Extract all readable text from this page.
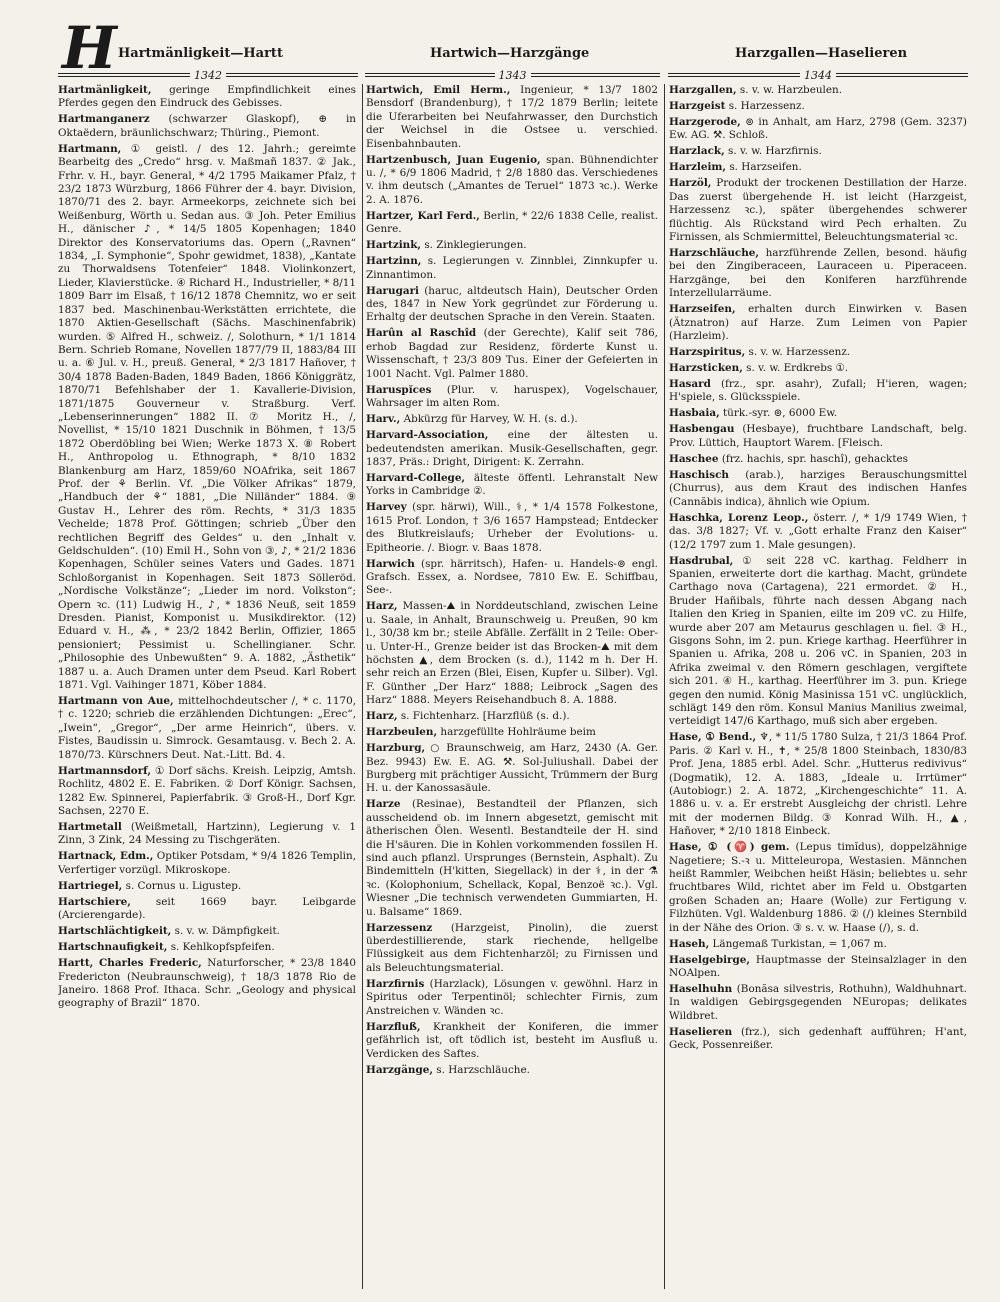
H Hartmänligkeit—Hartt	Hartwich—Harzgänge	Harzgallen—Haselieren
1342	1343	1344

Hartmänligkeit, geringe Empfindlichkeit eines Pferdes gegen den Eindruck des Gebisses.

Hartmanganerz (schwarzer Glaskopf), ⊕ in Oktaëdern, bräunlichschwarz; Thüring., Piemont.

Hartmann, ① geistl. / des 12. Jahrh.; gereimte Bearbeitg des „Credo“ hrsg. v. Maßmañ 1837. ② Jak., Frhr. v. H., bayr. General, * 4/2 1795 Maikamer Pfalz, † 23/2 1873 Würzburg, 1866 Führer der 4. bayr. Division, 1870/71 des 2. bayr. Armeekorps, zeichnete sich bei Weißenburg, Wörth u. Sedan aus. ③ Joh. Peter Emilius H., dänischer ♪, * 14/5 1805 Kopenhagen; 1840 Direktor des Konservatoriums das. Opern („Ravnen“ 1834, „I. Symphonie“, Spohr gewidmet, 1838), „Kantate zu Thorwaldsens Totenfeier“ 1848. Violinkonzert, Lieder, Klavierstücke. ④ Richard H., Industrieller, * 8/11 1809 Barr im Elsaß, † 16/12 1878 Chemnitz, wo er seit 1837 bed. Maschinenbau-Werkstätten errichtete, die 1870 Aktien-Gesellschaft (Sächs. Maschinenfabrik) wurden. ⑤ Alfred H., schweiz. /, Solothurn, * 1/1 1814 Bern. Schrieb Romane, Novellen 1877/79 II, 1883/84 III u. a. ⑥ Jul. v. H., preuß. General, * 2/3 1817 Hañover, † 30/4 1878 Baden-Baden, 1849 Baden, 1866 Königgrätz, 1870/71 Befehlshaber der 1. Kavallerie-Division, 1871/1875 Gouverneur v. Straßburg. Verf. „Lebenserinnerungen“ 1882 II. ⑦ Moritz H., /, Novellist, * 15/10 1821 Duschnik in Böhmen, † 13/5 1872 Oberdöbling bei Wien; Werke 1873 X. ⑧ Robert H., Anthropolog u. Ethnograph, * 8/10 1832 Blankenburg am Harz, 1859/60 NOAfrika, seit 1867 Prof. der ⚘ Berlin. Vf. „Die Völker Afrikas“ 1879, „Handbuch der ⚘“ 1881, „Die Nilländer“ 1884. ⑨ Gustav H., Lehrer des röm. Rechts, * 31/3 1835 Vechelde; 1878 Prof. Göttingen; schrieb „Über den rechtlichen Begriff des Geldes“ u. den „Inhalt v. Geldschulden“. (10) Emil H., Sohn von ③, ♪, * 21/2 1836 Kopenhagen, Schüler seines Vaters und Gades. 1871 Schloßorganist in Kopenhagen. Seit 1873 Sölleröd. „Nordische Volkstänze“; „Lieder im nord. Volkston“; Opern ꝛc. (11) Ludwig H., ♪, * 1836 Neuß, seit 1859 Dresden. Pianist, Komponist u. Musikdirektor. (12) Eduard v. H., ⁂, * 23/2 1842 Berlin, Offizier, 1865 pensioniert; Pessimist u. Schellingianer. Schr. „Philosophie des Unbewußten“ 9. A. 1882, „Ästhetik“ 1887 u. a. Auch Dramen unter dem Pseud. Karl Robert 1871. Vgl. Vaihinger 1871, Köber 1884.

Hartmann von Aue, mittelhochdeutscher /, * c. 1170, † c. 1220; schrieb die erzählenden Dichtungen: „Erec“, „Iwein“, „Gregor“, „Der arme Heinrich“, übers. v. Fistes, Baudissin u. Simrock. Gesamtausg. v. Bech 2. A. 1870/73. Kürschners Deut. Nat.-Litt. Bd. 4.

Hartmannsdorf, ① Dorf sächs. Kreish. Leipzig, Amtsh. Rochlitz, 4802 E. E. Fabriken. ② Dorf Königr. Sachsen, 1282 Ew. Spinnerei, Papierfabrik. ③ Groß-H., Dorf Kgr. Sachsen, 2270 E.

Hartmetall (Weißmetall, Hartzinn), Legierung v. 1 Zinn, 3 Zink, 24 Messing zu Tischgeräten.

Hartnack, Edm., Optiker Potsdam, * 9/4 1826 Templin, Verfertiger vorzügl. Mikroskope.

Hartriegel, s. Cornus u. Ligustер.

Hartschiere, seit 1669 bayr. Leibgarde (Arcierengarde).

Hartschlächtigkeit, s. v. w. Dämpfigkeit.

Hartschnaufigkeit, s. Kehlkopfspfeifen.

Hartt, Charles Frederic, Naturforscher, * 23/8 1840 Fredericton (Neubraunschweig), † 18/3 1878 Rio de Janeiro. 1868 Prof. Ithaca. Schr. „Geology and physical geography of Brazil“ 1870.

Hartwich, Emil Herm., Ingenieur, * 13/7 1802 Bensdorf (Brandenburg), † 17/2 1879 Berlin; leitete die Uferarbeiten bei Neufahrwasser, den Durchstich der Weichsel in die Ostsee u. verschied. Eisenbahnbauten.

Hartzenbusch, Juan Eugenio, span. Bühnendichter u. /, * 6/9 1806 Madrid, † 2/8 1880 das. Verschiedenes v. ihm deutsch („Amantes de Teruel“ 1873 ꝛc.). Werke 2. A. 1876.

Hartzer, Karl Ferd., Berlin, * 22/6 1838 Celle, realist. Genre.

Hartzink, s. Zinklegierungen.

Hartzinn, s. Legierungen v. Zinnblei, Zinnkupfer u. Zinnantimon.

Harugari (haruc, altdeutsch Hain), Deutscher Orden des, 1847 in New York gegründet zur Förderung u. Erhaltg der deutschen Sprache in den Verein. Staaten.

Harûn al Raschîd (der Gerechte), Kalif seit 786, erhob Bagdad zur Residenz, förderte Kunst u. Wissenschaft, † 23/3 809 Tus. Einer der Gefeierten in 1001 Nacht. Vgl. Palmer 1880.

Haruspĭces (Plur. v. haruspex), Vogelschauer, Wahrsager im alten Rom.

Harv., Abkürzg für Harvey, W. H. (s. d.).

Harvard-Association, eine der ältesten u. bedeutendsten amerikan. Musik-Gesellschaften, gegr. 1837, Präs.: Dright, Dirigent: K. Zerrahn.

Harvard-College, älteste öffentl. Lehranstalt New Yorks in Cambridge ②.

Harvey (spr. härwi), Will., ⚕, * 1/4 1578 Folkestone, 1615 Prof. London, † 3/6 1657 Hampstead; Entdecker des Blutkreislaufs; Urheber der Evolutions- u. Epitheorie. /. Biogr. v. Baas 1878.

Harwich (spr. härritsch), Hafen- u. Handels-⊚ engl. Grafsch. Essex, a. Nordsee, 7810 Ew. E. Schiffbau, See-.

Harz, Massen-⛰ in Norddeutschland, zwischen Leine u. Saale, in Anhalt, Braunschweig u. Preußen, 90 km l., 30/38 km br.; steile Abfälle. Zerfällt in 2 Teile: Ober- u. Unter-H., Grenze beider ist das Brocken-⛰ mit dem höchsten ▲, dem Brocken (s. d.), 1142 m h. Der H. sehr reich an Erzen (Blei, Eisen, Kupfer u. Silber). Vgl. F. Günther „Der Harz“ 1888; Leibrock „Sagen des Harz“ 1888. Meyers Reisehandbuch 8. A. 1888.

Harz, s. Fichtenharz. [Harzflüß (s. d.).

Harzbeulen, harzgefüllte Hohlräume beim

Harzburg, ○ Braunschweig, am Harz, 2430 (A. Ger. Bez. 9943) Ew. E. AG. ⚒. Sol-Juliushall. Dabei der Burgberg mit prächtiger Aussicht, Trümmern der Burg H. u. der Kanossasäule.

Harze (Resinae), Bestandteil der Pflanzen, sich ausscheidend ob. im Innern abgesetzt, gemischt mit ätherischen Ölen. Wesentl. Bestandteile der H. sind die H'säuren. Die in Kohlen vorkommenden fossilen H. sind auch pflanzl. Ursprunges (Bernstein, Asphalt). Zu Bindemitteln (H'kitten, Siegellack) in der ⚕, in der ⚗ ꝛc. (Kolophonium, Schellack, Kopal, Benzoë ꝛc.). Vgl. Wiesner „Die technisch verwendeten Gummiarten, H. u. Balsame“ 1869.

Harzessenz (Harzgeist, Pinolin), die zuerst überdestillierende, stark riechende, hellgelbe Flüssigkeit aus dem Fichtenharzöl; zu Firnissen und als Beleuchtungsmaterial.

Harzfirnis (Harzlack), Lösungen v. gewöhnl. Harz in Spiritus oder Terpentinöl; schlechter Firnis, zum Anstreichen v. Wänden ꝛc.

Harzfluß, Krankheit der Koniferen, die immer gefährlich ist, oft tödlich ist, besteht im Ausfluß u. Verdicken des Saftes.

Harzgänge, s. Harzschläuche.

Harzgallen, s. v. w. Harzbeulen.

Harzgeist s. Harzessenz.

Harzgerode, ⊚ in Anhalt, am Harz, 2798 (Gem. 3237) Ew. AG. ⚒. Schloß.

Harzlack, s. v. w. Harzfirnis.

Harzleim, s. Harzseifen.

Harzöl, Produkt der trockenen Destillation der Harze. Das zuerst übergehende H. ist leicht (Harzgeist, Harzessenz ꝛc.), später übergehendes schwerer flüchtig. Als Rückstand wird Pech erhalten. Zu Firnissen, als Schmiermittel, Beleuchtungsmaterial ꝛc.

Harzschläuche, harzführende Zellen, besond. häufig bei den Zingiberaceen, Lauraceen u. Piperaceen. Harzgänge, bei den Koniferen harzführende Interzellularräume.

Harzseifen, erhalten durch Einwirken v. Basen (Ätznatron) auf Harze. Zum Leimen von Papier (Harzleim).

Harzspiritus, s. v. w. Harzessenz.

Harzsticken, s. v. w. Erdkrebs ①.

Hasard (frz., spr. asahr), Zufall; H'ieren, wagen; H'spiele, s. Glücksspiele.

Hasbaia, türk.-syr. ⊚, 6000 Ew.

Hasbengau (Hesbaye), fruchtbare Landschaft, belg. Prov. Lüttich, Hauptort Warem. [Fleisch.

Haschee (frz. hachis, spr. haschî), gehacktes

Haschisch (arab.), harziges Berauschungsmittel (Churrus), aus dem Kraut des indischen Hanfes (Cannăbis indica), ähnlich wie Opium.

Haschka, Lorenz Leop., österr. /, * 1/9 1749 Wien, † das. 3/8 1827; Vf. v. „Gott erhalte Franz den Kaiser“ (12/2 1797 zum 1. Male gesungen).

Hasdrubal, ① seit 228 vC. karthag. Feldherr in Spanien, erweiterte dort die karthag. Macht, gründete Carthago nova (Cartagena), 221 ermordet. ② H., Bruder Hañibals, führte nach dessen Abgang nach Italien den Krieg in Spanien, eilte im 209 vC. zu Hilfe, wurde aber 207 am Metaurus geschlagen u. fiel. ③ H., Gisgons Sohn, im 2. pun. Kriege karthag. Heerführer in Spanien u. Afrika, 208 u. 206 vC. in Spanien, 203 in Afrika zweimal v. den Römern geschlagen, vergiftete sich 201. ④ H., karthag. Heerführer im 3. pun. Kriege gegen den numid. König Masinissa 151 vC. unglücklich, schlägt 149 den röm. Konsul Manius Manilius zweimal, verteidigt 147/6 Karthago, muß sich aber ergeben.

Hase, ① Bend., ♆, * 11/5 1780 Sulza, † 21/3 1864 Prof. Paris. ② Karl v. H., ✝, * 25/8 1800 Steinbach, 1830/83 Prof. Jena, 1885 erbl. Adel. Schr. „Hutterus redivivus“ (Dogmatik), 12. A. 1883, „Ideale u. Irrtümer“ (Autobiogr.) 2. A. 1872, „Kirchengeschichte“ 11. A. 1886 u. v. a. Er erstrebt Ausgleichg der christl. Lehre mit der modernen Bildg. ③ Konrad Wilh. H., ▲, Hañover, * 2/10 1818 Einbeck.

Hase, ① (♈) gem. (Lepus timĭdus), doppelzähnige Nagetiere; S.-ꝛ u. Mitteleuropa, Westasien. Männchen heißt Rammler, Weibchen heißt Häsin; beliebtes u. sehr fruchtbares Wild, richtet aber im Feld u. Obstgarten großen Schaden an; Haare (Wolle) zur Fertigung v. Filzhüten. Vgl. Waldenburg 1886. ② (/) kleines Sternbild in der Nähe des Orion. ③ s. v. w. Haase (/), s. d.

Haseh, Längemaß Turkistan, = 1,067 m.

Haselgebirge, Hauptmasse der Steinsalzlager in den NOAlpen.

Haselhuhn (Bonăsa silvestris, Rothuhn), Waldhuhnart. In waldigen Gebirgsgegenden NEuropas; delikates Wildbret.

Haselieren (frz.), sich gedenhaft aufführen; H'ant, Geck, Possenreißer.
